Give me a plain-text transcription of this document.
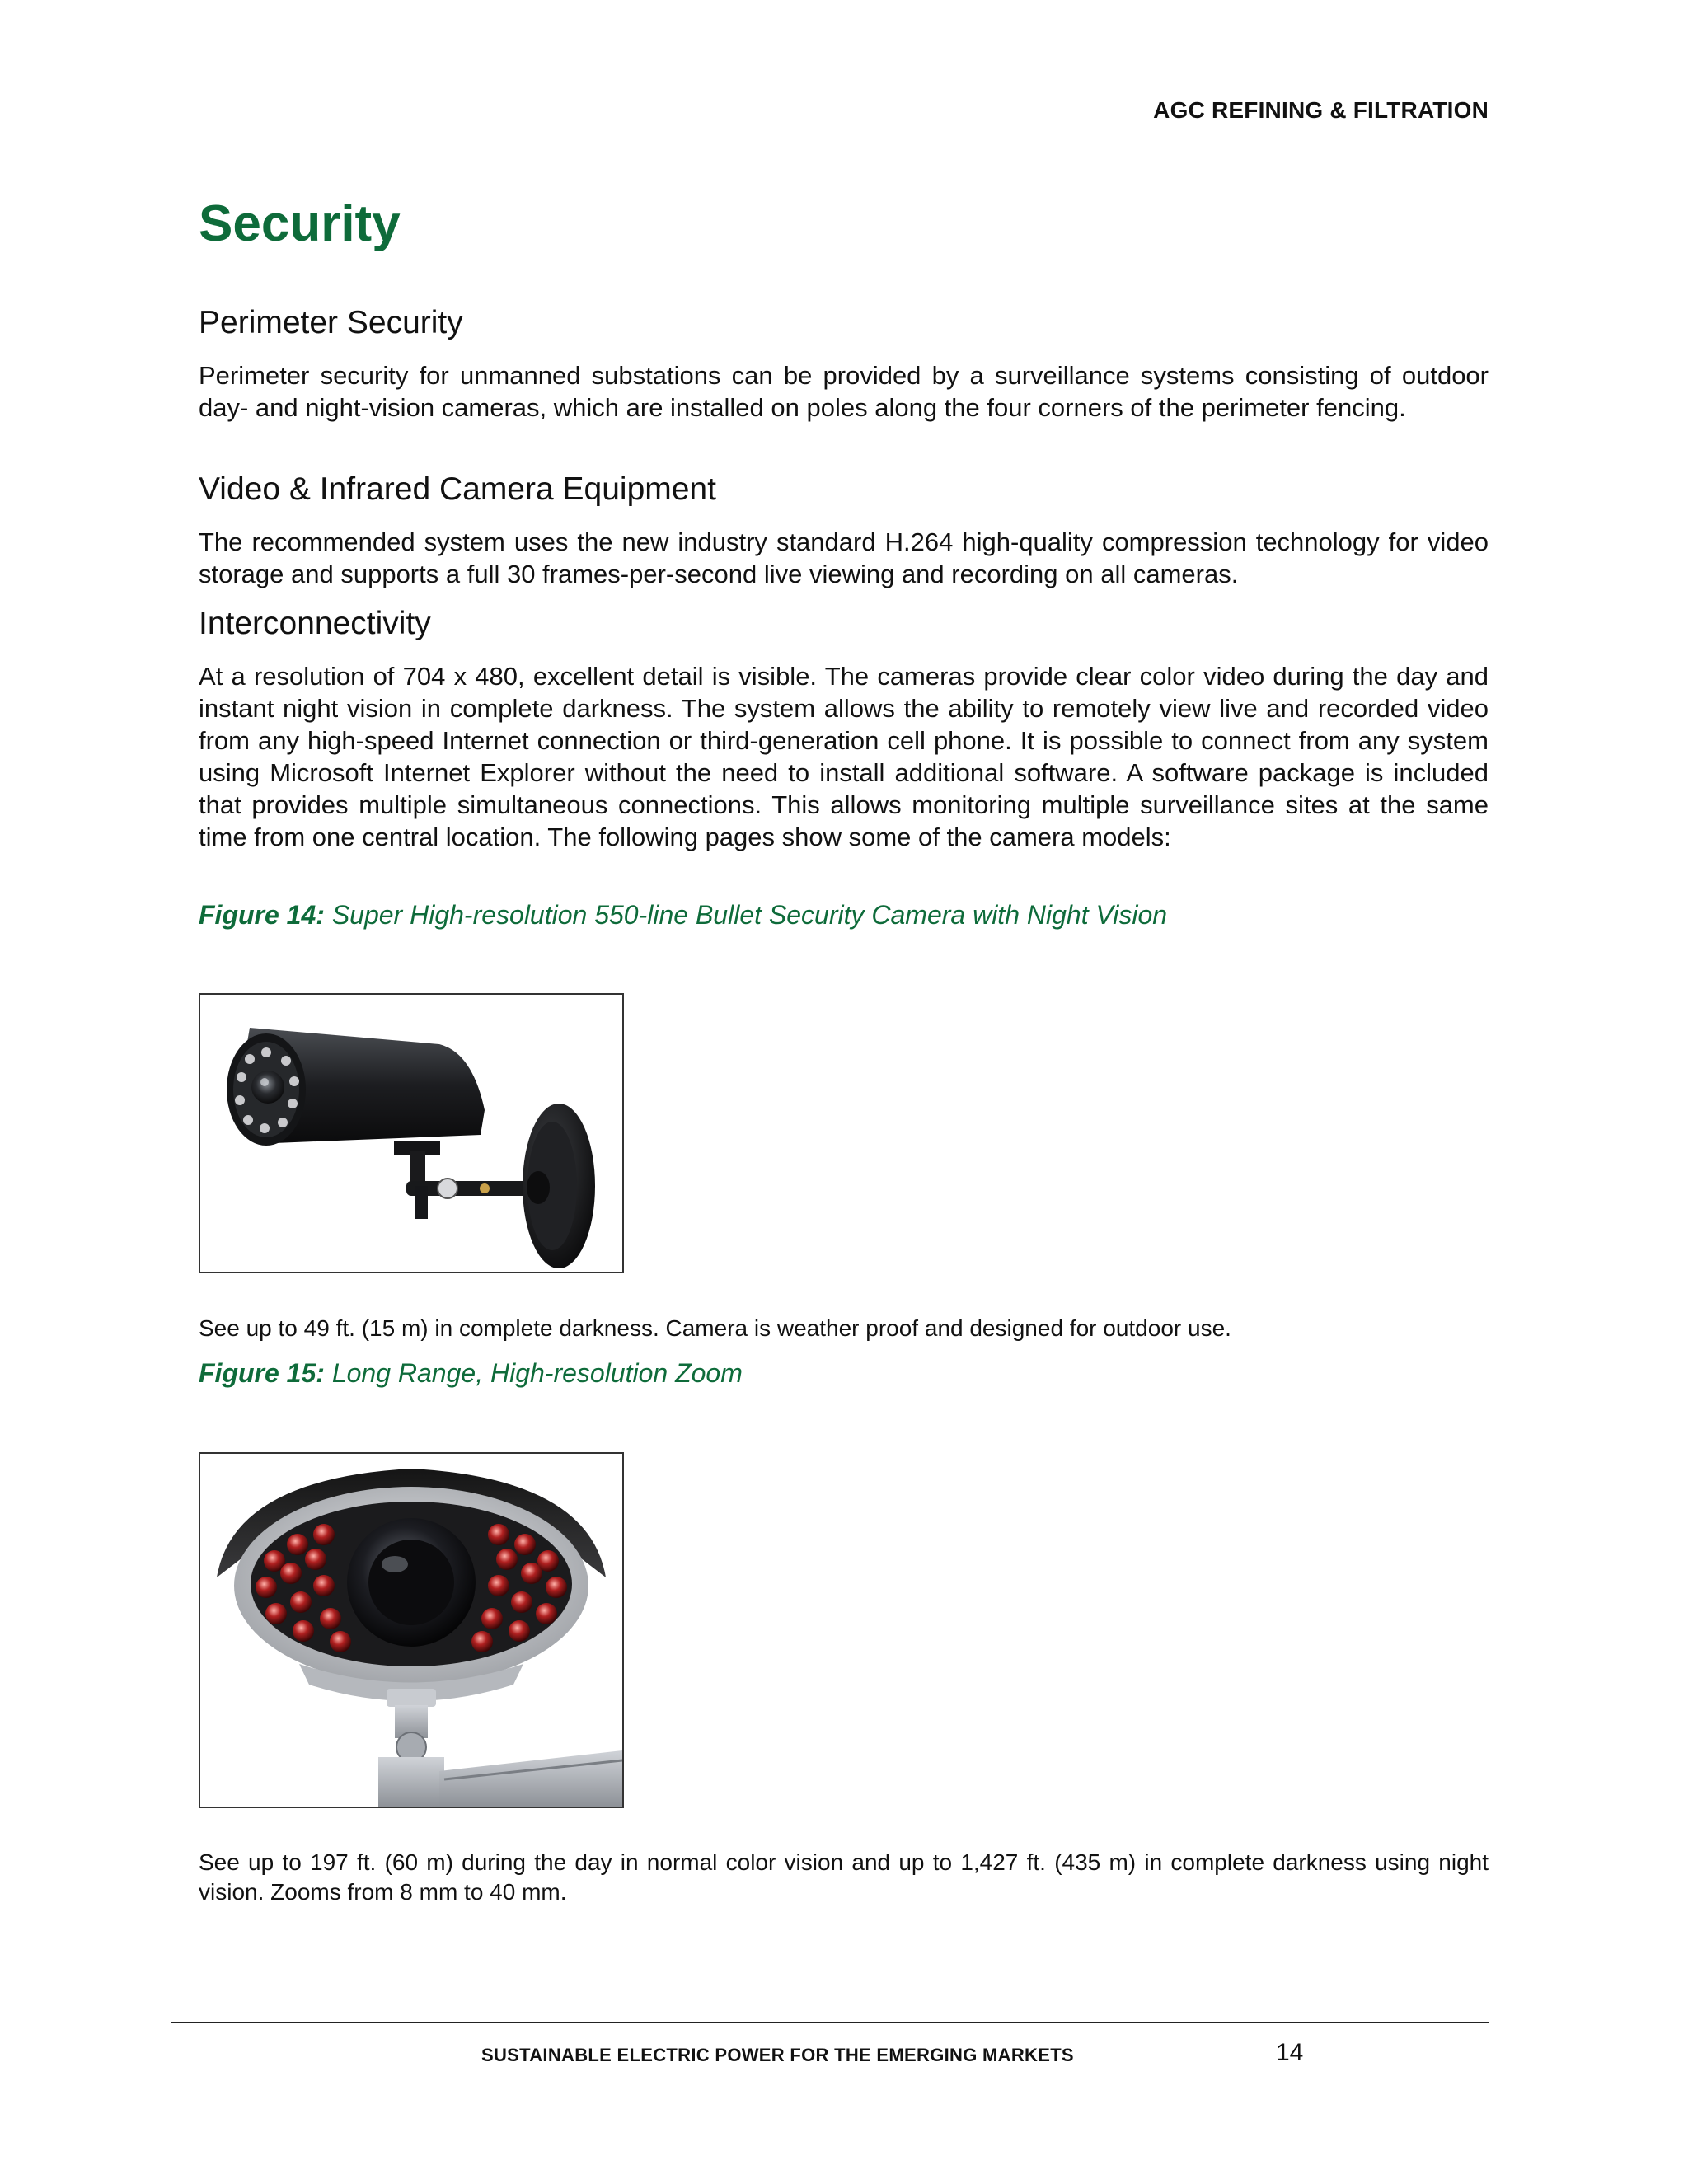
AGC REFINING & FILTRATION
Security
Perimeter Security

Perimeter security for unmanned substations can be provided by a surveillance systems consisting of outdoor day- and night-vision cameras, which are installed on poles along the four corners of the perimeter fencing.

Video & Infrared Camera Equipment

The recommended system uses the new industry standard H.264 high-quality compression technology for video storage and supports a full 30 frames-per-second live viewing and recording on all cameras.

Interconnectivity

At a resolution of 704 x 480, excellent detail is visible. The cameras provide clear color video during the day and instant night vision in complete darkness. The system allows the ability to remotely view live and recorded video from any high-speed Internet connection or third-generation cell phone. It is possible to connect from any system using Microsoft Internet Explorer without the need to install additional software. A software package is included that provides multiple simultaneous connections. This allows monitoring multiple surveillance sites at the same time from one central location. The following pages show some of the camera models:

Figure 14: Super High-resolution 550-line Bullet Security Camera with Night Vision

See up to 49 ft. (15 m) in complete darkness. Camera is weather proof and designed for outdoor use.

Figure 15: Long Range, High-resolution Zoom

See up to 197 ft. (60 m) during the day in normal color vision and up to 1,427 ft. (435 m) in complete darkness using night vision. Zooms from 8 mm to 40 mm.

SUSTAINABLE ELECTRIC POWER FOR THE EMERGING MARKETS	14
